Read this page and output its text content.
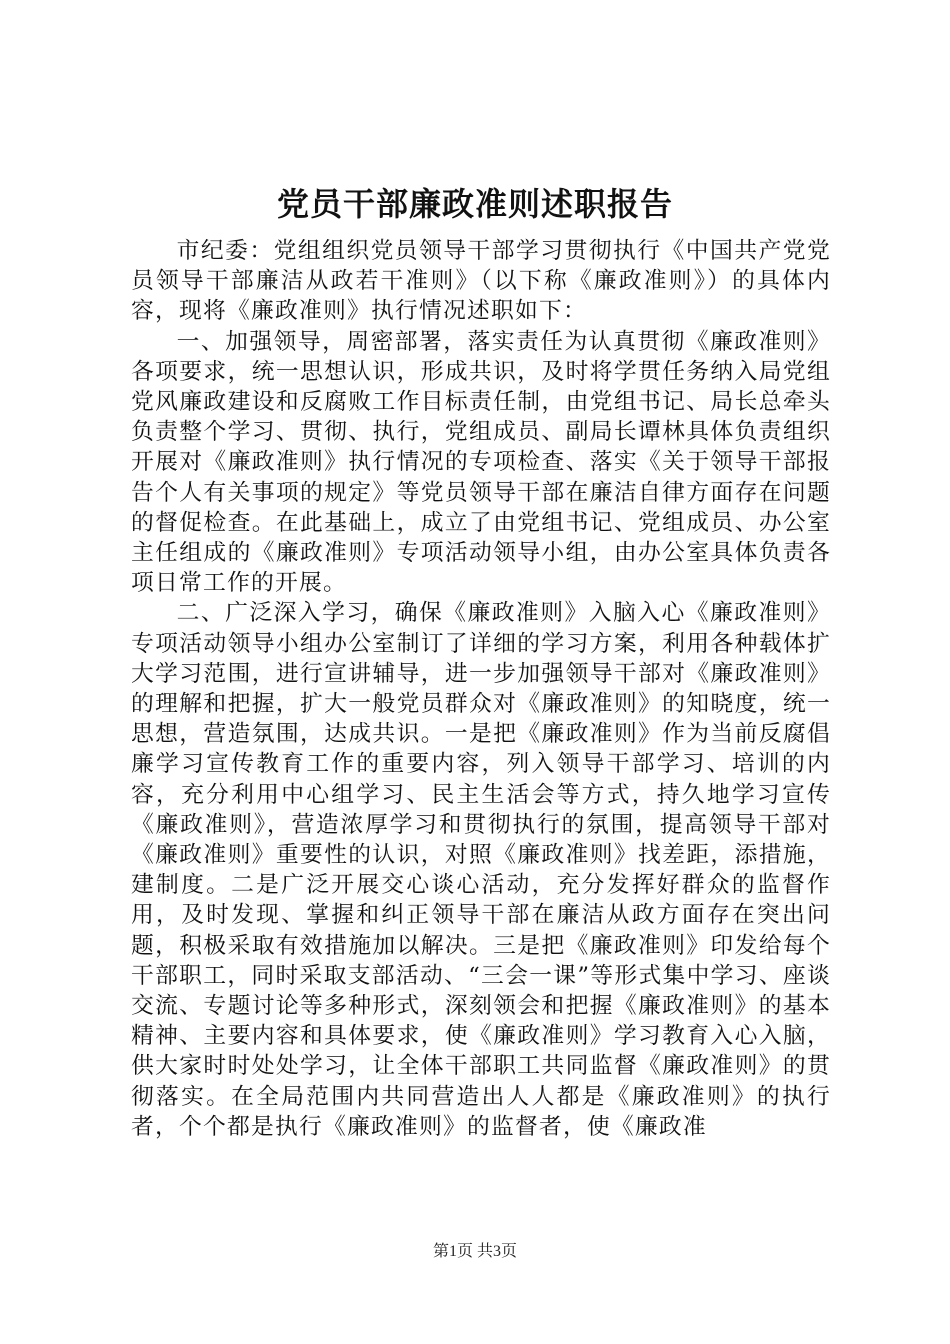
党员干部廉政准则述职报告

市纪委：党组组织党员领导干部学习贯彻执行《中国共产党党员领导干部廉洁从政若干准则》（以下称《廉政准则》）的具体内容，现将《廉政准则》执行情况述职如下：

一、加强领导，周密部署，落实责任为认真贯彻《廉政准则》各项要求，统一思想认识，形成共识，及时将学贯任务纳入局党组党风廉政建设和反腐败工作目标责任制，由党组书记、局长总牵头负责整个学习、贯彻、执行，党组成员、副局长谭林具体负责组织开展对《廉政准则》执行情况的专项检查、落实《关于领导干部报告个人有关事项的规定》等党员领导干部在廉洁自律方面存在问题的督促检查。在此基础上，成立了由党组书记、党组成员、办公室主任组成的《廉政准则》专项活动领导小组，由办公室具体负责各项日常工作的开展。

二、广泛深入学习，确保《廉政准则》入脑入心《廉政准则》专项活动领导小组办公室制订了详细的学习方案，利用各种载体扩大学习范围，进行宣讲辅导，进一步加强领导干部对《廉政准则》的理解和把握，扩大一般党员群众对《廉政准则》的知晓度，统一思想，营造氛围，达成共识。一是把《廉政准则》作为当前反腐倡廉学习宣传教育工作的重要内容，列入领导干部学习、培训的内容，充分利用中心组学习、民主生活会等方式，持久地学习宣传《廉政准则》，营造浓厚学习和贯彻执行的氛围，提高领导干部对《廉政准则》重要性的认识，对照《廉政准则》找差距，添措施，建制度。二是广泛开展交心谈心活动，充分发挥好群众的监督作用，及时发现、掌握和纠正领导干部在廉洁从政方面存在突出问题，积极采取有效措施加以解决。三是把《廉政准则》印发给每个干部职工，同时采取支部活动、“三会一课”等形式集中学习、座谈交流、专题讨论等多种形式，深刻领会和把握《廉政准则》的基本精神、主要内容和具体要求，使《廉政准则》学习教育入心入脑，供大家时时处处学习，让全体干部职工共同监督《廉政准则》的贯彻落实。在全局范围内共同营造出人人都是《廉政准则》的执行者，个个都是执行《廉政准则》的监督者，使《廉政准

第1页 共3页
